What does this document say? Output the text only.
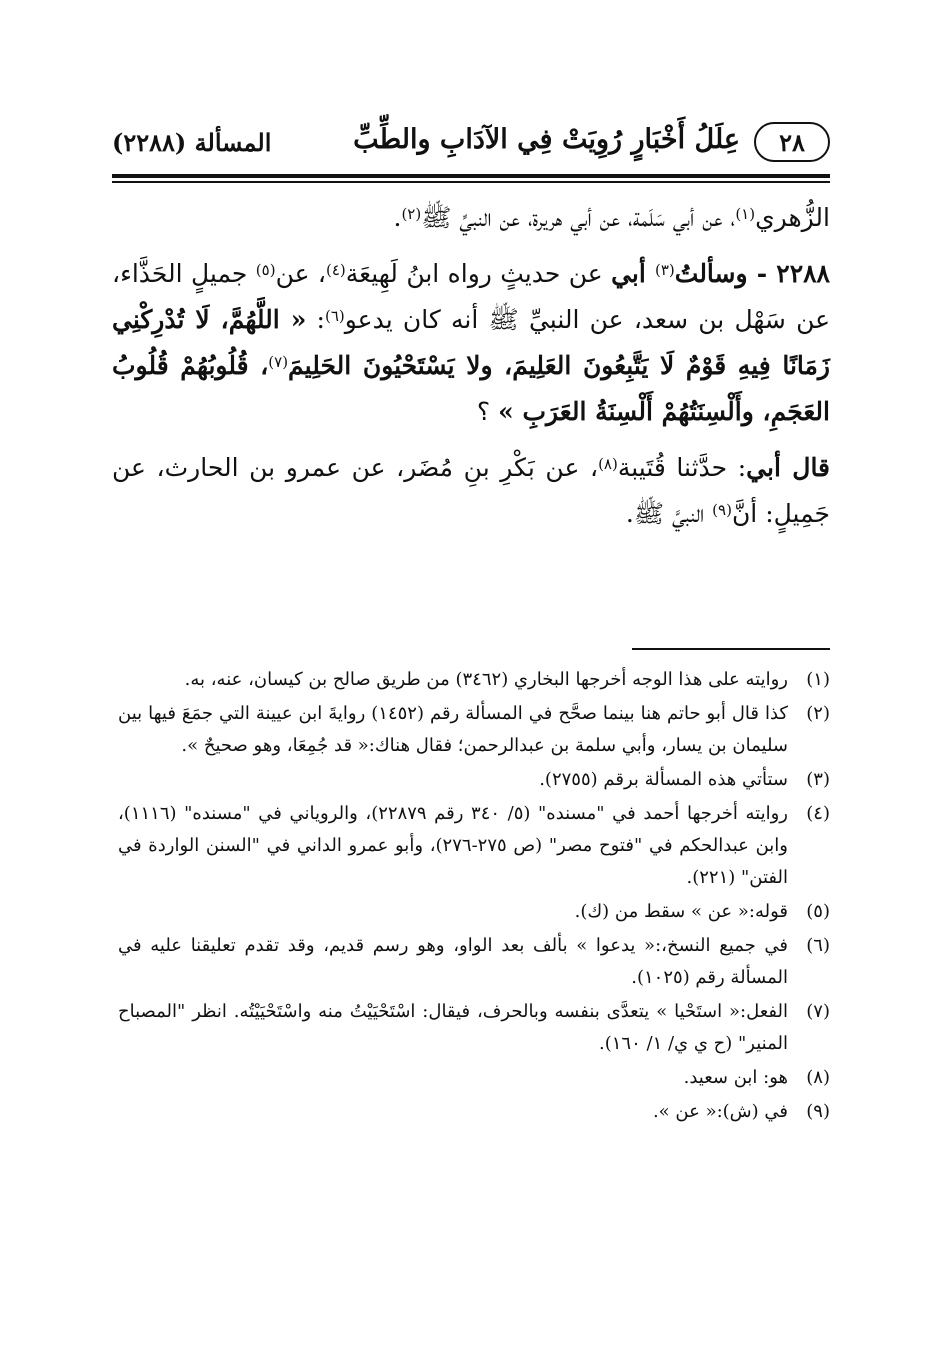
٢٨
عِلَلُ أَخْبَارٍ رُوِيَتْ فِي الآدَابِ والطِّبِّ
المسألة (٢٢٨٨)

الزُّهري$^{(١)}$، عن أبي سَلَمة، عن أبي هريرة، عن النبيِّ ﷺ$^{(٢)}$.

٢٢٨٨ - وسألتُ$^{(٣)}$ أبي عن حديثٍ رواه ابنُ لَهِيعَة$^{(٤)}$، عن$^{(٥)}$ جميلٍ الحَذَّاء، عن سَهْل بن سعد، عن النبيِّ ﷺ أنه كان يدعو$^{(٦)}$: « اللَّهُمَّ، لَا تُدْرِكْنِي زَمَانًا فِيهِ قَوْمٌ لَا يَتَّبِعُونَ العَلِيمَ، ولا يَسْتَحْيُونَ الحَلِيمَ$^{(٧)}$، قُلُوبُهُمْ قُلُوبُ العَجَمِ، وأَلْسِنَتُهُمْ أَلْسِنَةُ العَرَبِ » ؟

قال أبي: حدَّثنا قُتَيبة$^{(٨)}$، عن بَكْرِ بنِ مُضَر، عن عمرو بن الحارث، عن جَمِيلٍ: أنَّ$^{(٩)}$ النبيَّ ﷺ.

(١)
روايته على هذا الوجه أخرجها البخاري (٣٤٦٢) من طريق صالح بن كيسان، عنه، به.
(٢)
كذا قال أبو حاتم هنا بينما صحَّح في المسألة رقم (١٤٥٢) روايةَ ابن عيينة التي جمَعَ فيها بين سليمان بن يسار، وأبي سلمة بن عبدالرحمن؛ فقال هناك:« قد جُمِعَا، وهو صحيحٌ ».
(٣)
ستأتي هذه المسألة برقم (٢٧٥٥).
(٤)
روايته أخرجها أحمد في "مسنده" (٥/ ٣٤٠ رقم ٢٢٨٧٩)، والروياني في "مسنده" (١١١٦)، وابن عبدالحكم في "فتوح مصر" (ص ٢٧٥-٢٧٦)، وأبو عمرو الداني في "السنن الواردة في الفتن" (٢٢١).
(٥)
قوله:« عن » سقط من (ك).
(٦)
في جميع النسخ،:« يدعوا » بألف بعد الواو، وهو رسم قديم، وقد تقدم تعليقنا عليه في المسألة رقم (١٠٢٥).
(٧)
الفعل:« استَحْيا » يتعدَّى بنفسه وبالحرف، فيقال: اسْتَحْيَيْتُ منه واسْتَحْيَيْتُه. انظر "المصباح المنير" (ح ي ي/ ١/ ١٦٠).
(٨)
هو: ابن سعيد.
(٩)
في (ش):« عن ».
